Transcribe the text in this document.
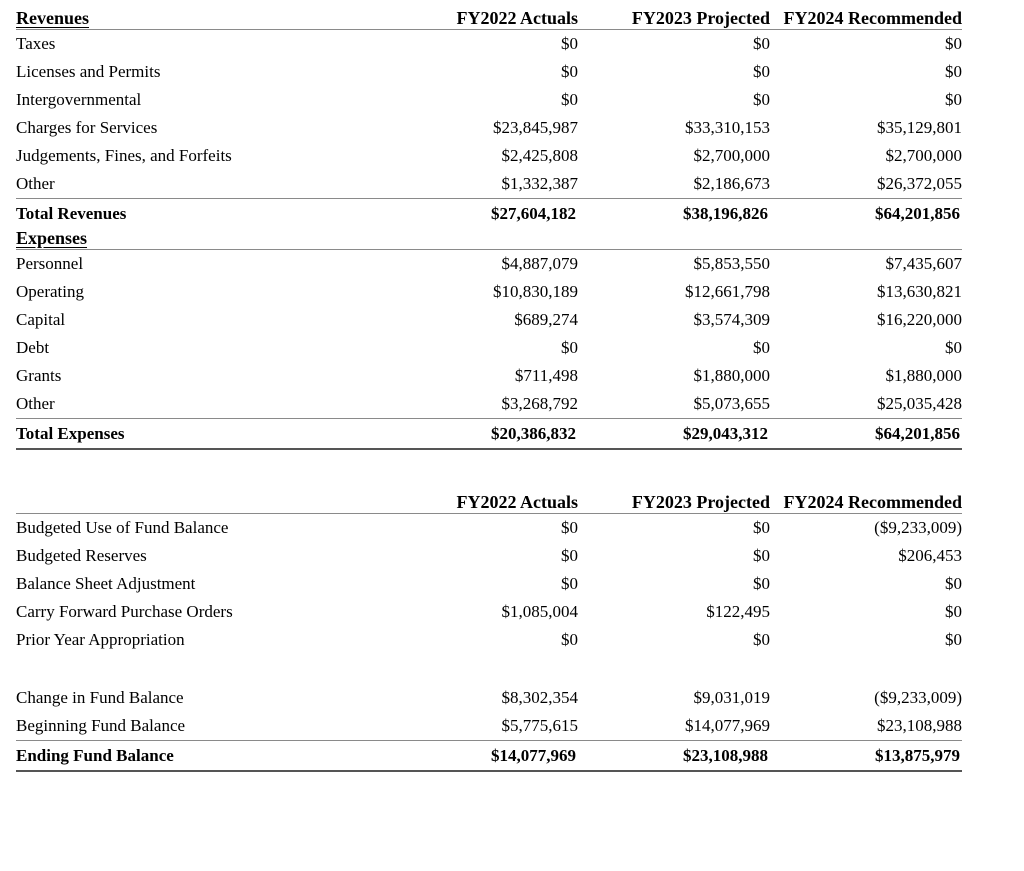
Revenues	FY2022 Actuals	FY2023 Projected	FY2024 Recommended

Taxes	$0	$0	$0
Licenses and Permits	$0	$0	$0
Intergovernmental	$0	$0	$0
Charges for Services	$23,845,987	$33,310,153	$35,129,801
Judgements, Fines, and Forfeits	$2,425,808	$2,700,000	$2,700,000
Other	$1,332,387	$2,186,673	$26,372,055

Total Revenues	$27,604,182	$38,196,826	$64,201,856
Expenses			

Personnel	$4,887,079	$5,853,550	$7,435,607
Operating	$10,830,189	$12,661,798	$13,630,821
Capital	$689,274	$3,574,309	$16,220,000
Debt	$0	$0	$0
Grants	$711,498	$1,880,000	$1,880,000
Other	$3,268,792	$5,073,655	$25,035,428

Total Expenses	$20,386,832	$29,043,312	$64,201,856

	FY2022 Actuals	FY2023 Projected	FY2024 Recommended

Budgeted Use of Fund Balance	$0	$0	($9,233,009)
Budgeted Reserves	$0	$0	$206,453
Balance Sheet Adjustment	$0	$0	$0
Carry Forward Purchase Orders	$1,085,004	$122,495	$0
Prior Year Appropriation	$0	$0	$0

Change in Fund Balance	$8,302,354	$9,031,019	($9,233,009)
Beginning Fund Balance	$5,775,615	$14,077,969	$23,108,988

Ending Fund Balance	$14,077,969	$23,108,988	$13,875,979
